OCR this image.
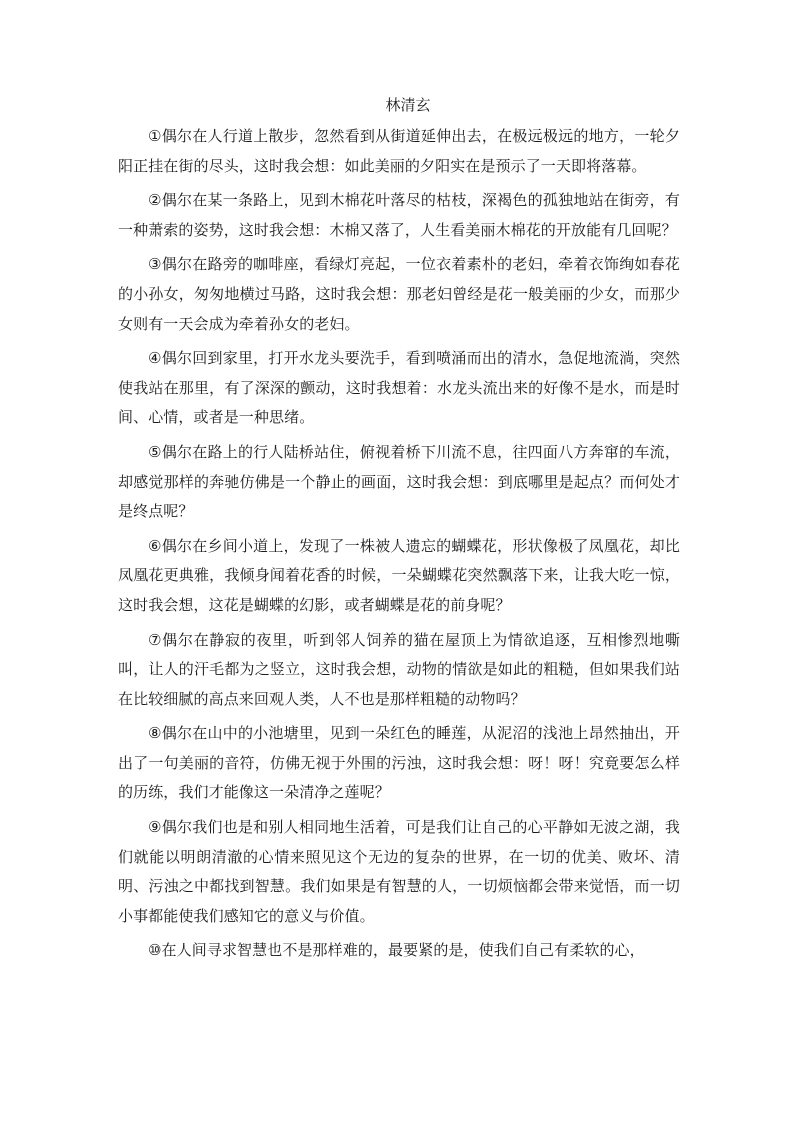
林清玄

①偶尔在人行道上散步，忽然看到从街道延伸出去，在极远极远的地方，一轮夕阳正挂在街的尽头，这时我会想：如此美丽的夕阳实在是预示了一天即将落幕。

②偶尔在某一条路上，见到木棉花叶落尽的枯枝，深褐色的孤独地站在街旁，有一种萧索的姿势，这时我会想：木棉又落了，人生看美丽木棉花的开放能有几回呢？

③偶尔在路旁的咖啡座，看绿灯亮起，一位衣着素朴的老妇，牵着衣饰绚如春花的小孙女，匆匆地横过马路，这时我会想：那老妇曾经是花一般美丽的少女，而那少女则有一天会成为牵着孙女的老妇。

④偶尔回到家里，打开水龙头要洗手，看到喷涌而出的清水，急促地流淌，突然使我站在那里，有了深深的颤动，这时我想着：水龙头流出来的好像不是水，而是时间、心情，或者是一种思绪。

⑤偶尔在路上的行人陆桥站住，俯视着桥下川流不息，往四面八方奔窜的车流，却感觉那样的奔驰仿佛是一个静止的画面，这时我会想：到底哪里是起点？而何处才是终点呢？

⑥偶尔在乡间小道上，发现了一株被人遗忘的蝴蝶花，形状像极了凤凰花，却比凤凰花更典雅，我倾身闻着花香的时候，一朵蝴蝶花突然飘落下来，让我大吃一惊，这时我会想，这花是蝴蝶的幻影，或者蝴蝶是花的前身呢？

⑦偶尔在静寂的夜里，听到邻人饲养的猫在屋顶上为情欲追逐，互相惨烈地嘶叫，让人的汗毛都为之竖立，这时我会想，动物的情欲是如此的粗糙，但如果我们站在比较细腻的高点来回观人类，人不也是那样粗糙的动物吗？

⑧偶尔在山中的小池塘里，见到一朵红色的睡莲，从泥沼的浅池上昂然抽出，开出了一句美丽的音符，仿佛无视于外围的污浊，这时我会想：呀！呀！究竟要怎么样的历练，我们才能像这一朵清净之莲呢？

⑨偶尔我们也是和别人相同地生活着，可是我们让自己的心平静如无波之湖，我们就能以明朗清澈的心情来照见这个无边的复杂的世界，在一切的优美、败坏、清明、污浊之中都找到智慧。我们如果是有智慧的人，一切烦恼都会带来觉悟，而一切小事都能使我们感知它的意义与价值。

⑩在人间寻求智慧也不是那样难的，最要紧的是，使我们自己有柔软的心，
